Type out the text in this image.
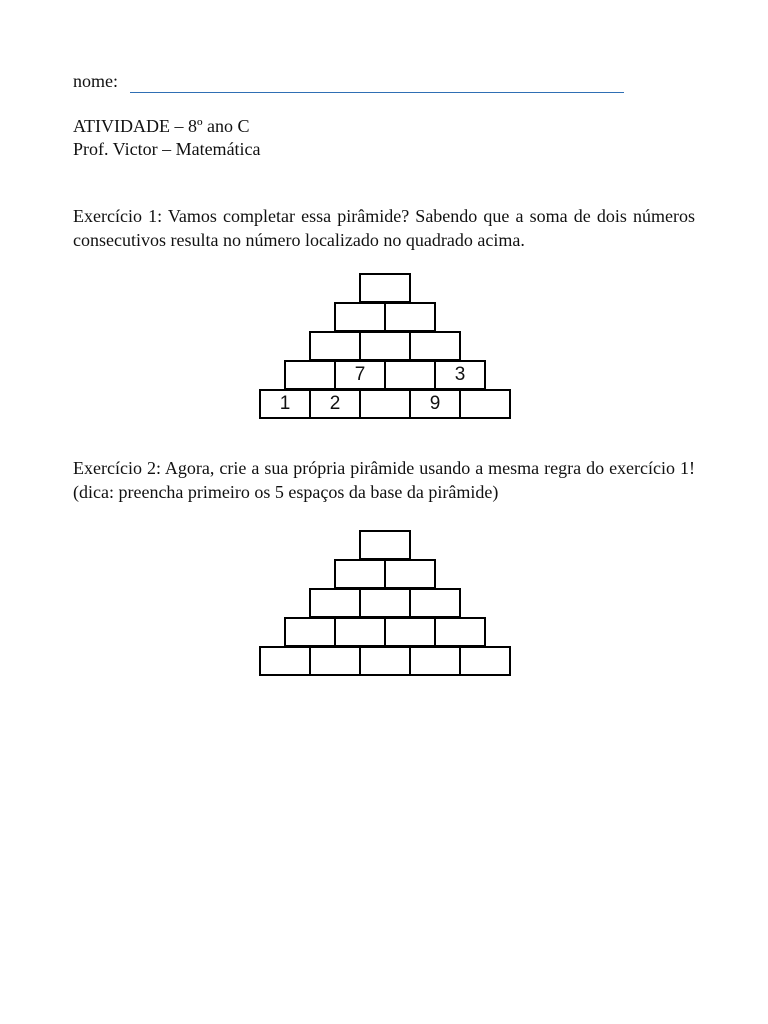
nome:
ATIVIDADE – 8º ano C
Prof. Victor – Matemática
Exercício 1: Vamos completar essa pirâmide? Sabendo que a soma de dois números consecutivos resulta no número localizado no quadrado acima.
7	3
1	2	9
Exercício 2: Agora, crie a sua própria pirâmide usando a mesma regra do exercício 1! (dica: preencha primeiro os 5 espaços da base da pirâmide)
